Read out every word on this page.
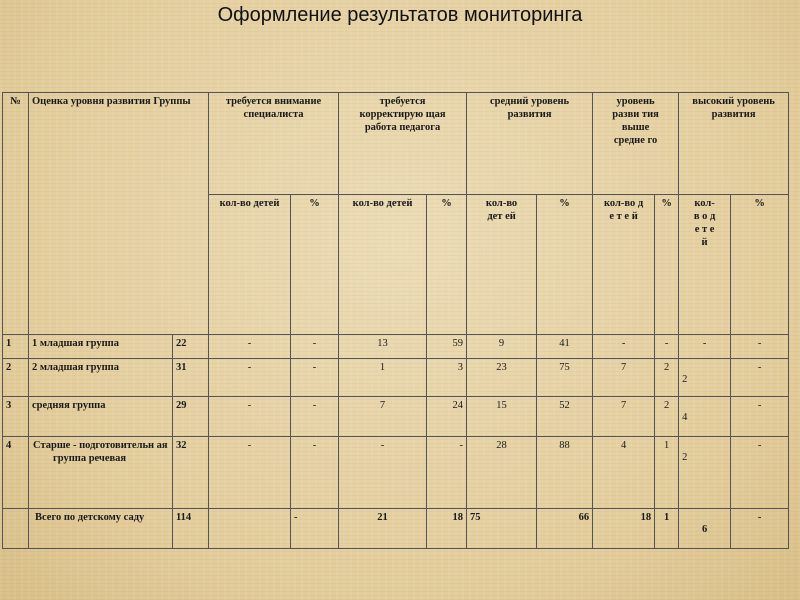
Оформление результатов мониторинга
№	Оценка уровня развития Группы		требуется внимание специалиста		требуется корректирую щая работа педагога		средний уровень развития		уровень разви тия выше средне го		высокий уровень развития	
			кол-во детей	%	кол-во детей	%	кол-во дет ей	%	кол-во д е т е й	%	кол- в о д е т е й	%
1	1 младшая группа	22	-	-	13	59	9	41	-	-	-	-
2	2 младшая группа	31	-	-	1	3	23	75	7	2	2	-
3	средняя группа	29	-	-	7	24	15	52	7	2	4	-
4	Старше - подготовительн ая группа речевая	32	-	-	-	-	28	88	4	1	2	-
	Всего по детскому саду	114		-	21	18	75	66	18	1	6	-
